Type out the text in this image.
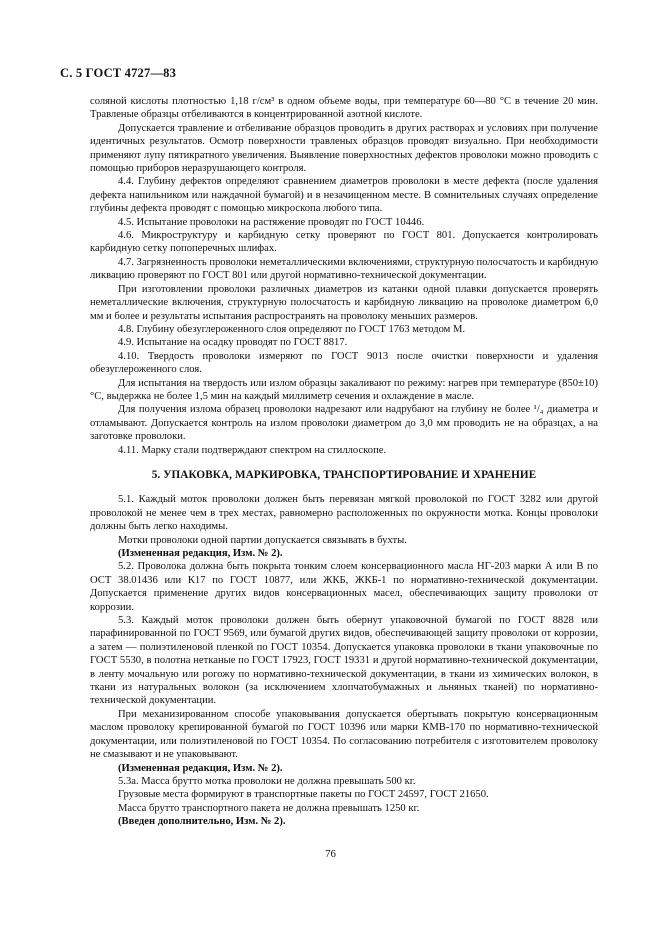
С. 5 ГОСТ 4727—83

соляной кислоты плотностью 1,18 г/см³ в одном объеме воды, при температуре 60—80 °С в течение 20 мин. Травленые образцы отбеливаются в концентрированной азотной кислоте.

Допускается травление и отбеливание образцов проводить в других растворах и условиях при получение идентичных результатов. Осмотр поверхности травленых образцов проводят визуально. При необходимости применяют лупу пятикратного увеличения. Выявление поверхностных дефектов проволоки можно проводить с помощью приборов неразрушающего контроля.

4.4. Глубину дефектов определяют сравнением диаметров проволоки в месте дефекта (после удаления дефекта напильником или наждачной бумагой) и в незачищенном месте. В сомнительных случаях определение глубины дефекта проводят с помощью микроскопа любого типа.

4.5. Испытание проволоки на растяжение проводят по ГОСТ 10446.

4.6. Микроструктуру и карбидную сетку проверяют по ГОСТ 801. Допускается контролировать карбидную сетку попоперечных шлифах.

4.7. Загрязненность проволоки неметаллическими включениями, структурную полосчатость и карбидную ликвацию проверяют по ГОСТ 801 или другой нормативно-технической документации.

При изготовлении проволоки различных диаметров из катанки одной плавки допускается проверять неметаллические включения, структурную полосчатость и карбидную ликвацию на проволоке диаметром 6,0 мм и более и результаты испытания распространять на проволоку меньших размеров.

4.8. Глубину обезуглероженного слоя определяют по ГОСТ 1763 методом М.

4.9. Испытание на осадку проводят по ГОСТ 8817.

4.10. Твердость проволоки измеряют по ГОСТ 9013 после очистки поверхности и удаления обезуглероженного слоя.

Для испытания на твердость или излом образцы закаливают по режиму: нагрев при температуре (850±10) °С, выдержка не более 1,5 мин на каждый миллиметр сечения и охлаждение в масле.

Для получения излома образец проволоки надрезают или надрубают на глубину не более ¹/₄ диаметра и отламывают. Допускается контроль на излом проволоки диаметром до 3,0 мм проводить не на образцах, а на заготовке проволоки.

4.11. Марку стали подтверждают спектром на стиллоскопе.

5. УПАКОВКА, МАРКИРОВКА, ТРАНСПОРТИРОВАНИЕ И ХРАНЕНИЕ

5.1. Каждый моток проволоки должен быть перевязан мягкой проволокой по ГОСТ 3282 или другой проволокой не менее чем в трех местах, равномерно расположенных по окружности мотка. Концы проволоки должны быть легко находимы.

Мотки проволоки одной партии допускается связывать в бухты.

(Измененная редакция, Изм. № 2).

5.2. Проволока должна быть покрыта тонким слоем консервационного масла НГ-203 марки А или В по ОСТ 38.01436 или К17 по ГОСТ 10877, или ЖКБ, ЖКБ-1 по нормативно-технической документации. Допускается применение других видов консервационных масел, обеспечивающих защиту проволоки от коррозии.

5.3. Каждый моток проволоки должен быть обернут упаковочной бумагой по ГОСТ 8828 или парафинированной по ГОСТ 9569, или бумагой других видов, обеспечивающей защиту проволоки от коррозии, а затем — полиэтиленовой пленкой по ГОСТ 10354. Допускается упаковка проволоки в ткани упаковочные по ГОСТ 5530, в полотна нетканые по ГОСТ 17923, ГОСТ 19331 и другой нормативно-технической документации, в ленту мочальную или рогожу по нормативно-технической документации, в ткани из химических волокон, в ткани из натуральных волокон (за исключением хлопчатобумажных и льняных тканей) по нормативно-технической документации.

При механизированном способе упаковывания допускается обертывать покрытую консервационным маслом проволоку крепированной бумагой по ГОСТ 10396 или марки КМВ-170 по нормативно-технической документации, или полиэтиленовой по ГОСТ 10354. По согласованию потребителя с изготовителем проволоку не смазывают и не упаковывают.

(Измененная редакция, Изм. № 2).

5.3а. Масса брутто мотка проволоки не должна превышать 500 кг.

Грузовые места формируют в транспортные пакеты по ГОСТ 24597, ГОСТ 21650.

Масса брутто транспортного пакета не должна превышать 1250 кг.

(Введен дополнительно, Изм. № 2).

76
